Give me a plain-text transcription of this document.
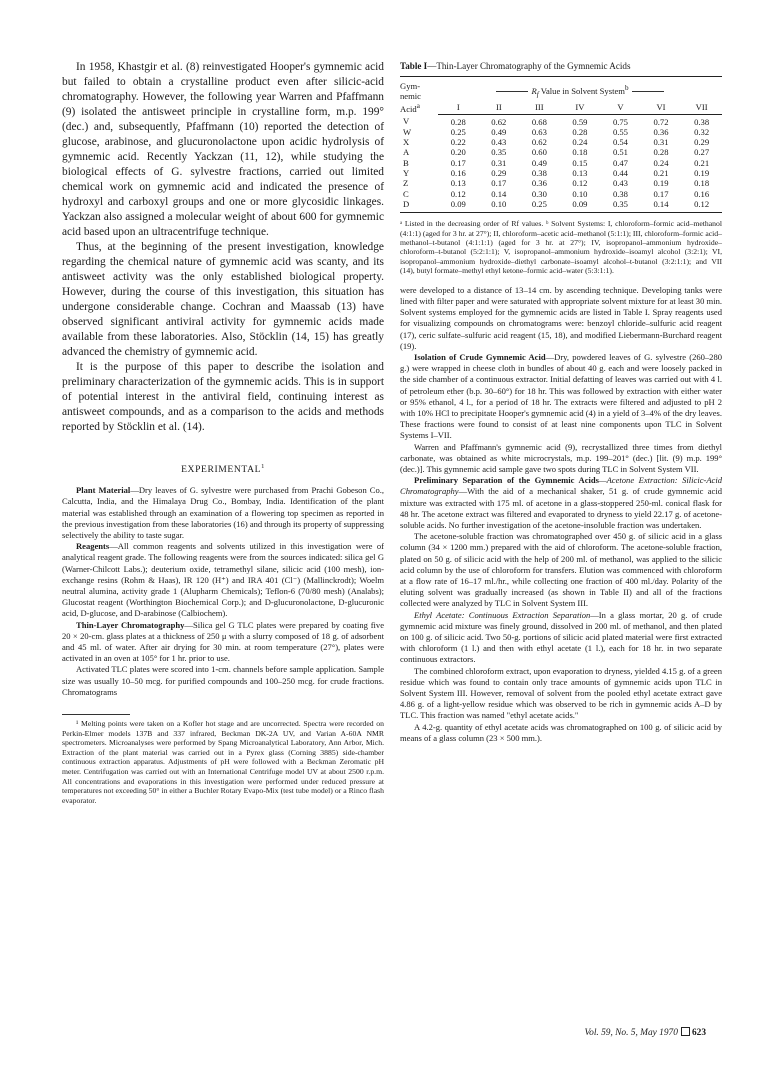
In 1958, Khastgir et al. (8) reinvestigated Hooper's gymnemic acid but failed to obtain a crystalline product even after silicic-acid chromatography. However, the following year Warren and Pfaffmann (9) isolated the antisweet principle in crystalline form, m.p. 199° (dec.) and, subsequently, Pfaffmann (10) reported the detection of glucose, arabinose, and glucuronolactone upon acidic hydrolysis of gymnemic acid. Recently Yackzan (11, 12), while studying the biological effects of G. sylvestre fractions, carried out limited chemical work on gymnemic acid and indicated the presence of hydroxyl and carboxyl groups and one or more glycosidic linkages. Yackzan also assigned a molecular weight of about 600 for gymnemic acid based upon an ultracentrifuge technique.

Thus, at the beginning of the present investigation, knowledge regarding the chemical nature of gymnemic acid was scanty, and its antisweet activity was the only established biological property. However, during the course of this investigation, this situation has undergone considerable change. Cochran and Maassab (13) have observed significant antiviral activity for gymnemic acids made available from these laboratories. Also, Stöcklin (14, 15) has greatly advanced the chemistry of gymnemic acid.

It is the purpose of this paper to describe the isolation and preliminary characterization of the gymnemic acids. This is in support of potential interest in the antiviral field, continuing interest as antisweet compounds, and as a comparison to the acids and methods reported by Stöcklin et al. (14).

EXPERIMENTAL$^1$

Plant Material—Dry leaves of G. sylvestre were purchased from Prachi Gobeson Co., Calcutta, India, and the Himalaya Drug Co., Bombay, India. Identification of the plant material was established through an examination of a flowering top specimen as reported in the previous investigation from these laboratories (16) and through its property of suppressing selectively the ability to taste sugar.

Reagents—All common reagents and solvents utilized in this investigation were of analytical reagent grade. The following reagents were from the sources indicated: silica gel G (Warner-Chilcott Labs.); deuterium oxide, tetramethyl silane, silicic acid (100 mesh), ion-exchange resins (Rohm & Haas), IR 120 (H⁺) and IRA 401 (Cl⁻) (Mallinckrodt); Woelm neutral alumina, activity grade 1 (Alupharm Chemicals); Teflon-6 (70/80 mesh) (Analabs); Glucostat reagent (Worthington Biochemical Corp.); and D-glucuronolactone, D-glucuronic acid, D-glucose, and D-arabinose (Calbiochem).

Thin-Layer Chromatography—Silica gel G TLC plates were prepared by coating five 20 × 20-cm. glass plates at a thickness of 250 μ with a slurry composed of 18 g. of adsorbent and 45 ml. of water. After air drying for 30 min. at room temperature (27°), plates were activated in an oven at 105° for 1 hr. prior to use.

Activated TLC plates were scored into 1-cm. channels before sample application. Sample size was usually 10–50 mcg. for purified compounds and 100–250 mcg. for crude fractions. Chromatograms

¹ Melting points were taken on a Kofler hot stage and are uncorrected. Spectra were recorded on Perkin-Elmer models 137B and 337 infrared, Beckman DK-2A UV, and Varian A-60A NMR spectrometers. Microanalyses were performed by Spang Microanalytical Laboratory, Ann Arbor, Mich. Extraction of the plant material was carried out in a Pyrex glass (Corning 3885) side-chamber continuous extraction apparatus. Adjustments of pH were followed with a Beckman Zeromatic pH meter. Centrifugation was carried out with an International Centrifuge model UV at about 2500 r.p.m. All concentrations and evaporations in this investigation were performed under reduced pressure at temperatures not exceeding 50° in either a Buchler Rotary Evapo-Mix (test tube model) or a Rinco flash evaporator.

Table I—Thin-Layer Chromatography of the Gymnemic Acids

Gym-
nemic
Acid$^a$	$R_f$ Value in Solvent System$^b$
	I	II	III	IV	V	VI	VII
V	0.28	0.62	0.68	0.59	0.75	0.72	0.38
W	0.25	0.49	0.63	0.28	0.55	0.36	0.32
X	0.22	0.43	0.62	0.24	0.54	0.31	0.29
A	0.20	0.35	0.60	0.18	0.51	0.28	0.27
B	0.17	0.31	0.49	0.15	0.47	0.24	0.21
Y	0.16	0.29	0.38	0.13	0.44	0.21	0.19
Z	0.13	0.17	0.36	0.12	0.43	0.19	0.18
C	0.12	0.14	0.30	0.10	0.38	0.17	0.16
D	0.09	0.10	0.25	0.09	0.35	0.14	0.12

ᵃ Listed in the decreasing order of Rf values. ᵇ Solvent Systems: I, chloroform–formic acid–methanol (4:1:1) (aged for 3 hr. at 27°); II, chloroform–acetic acid–methanol (5:1:1); III, chloroform–formic acid–methanol–t-butanol (4:1:1:1) (aged for 3 hr. at 27°); IV, isopropanol–ammonium hydroxide–chloroform–t-butanol (5:2:1:1); V, isopropanol–ammonium hydroxide–isoamyl alcohol (3:2:1); VI, isopropanol–ammonium hydroxide–diethyl carbonate–isoamyl alcohol–t-butanol (3:2:1:1); and VII (14), butyl formate–methyl ethyl ketone–formic acid–water (5:3:1:1).

were developed to a distance of 13–14 cm. by ascending technique. Developing tanks were lined with filter paper and were saturated with appropriate solvent mixture for at least 30 min. Solvent systems employed for the gymnemic acids are listed in Table I. Spray reagents used for visualizing compounds on chromatograms were: benzoyl chloride–sulfuric acid reagent (17), ceric sulfate–sulfuric acid reagent (15, 18), and modified Liebermann-Burchard reagent (19).

Isolation of Crude Gymnemic Acid—Dry, powdered leaves of G. sylvestre (260–280 g.) were wrapped in cheese cloth in bundles of about 40 g. each and were loosely packed in the side chamber of a continuous extractor. Initial defatting of leaves was carried out with 4 l. of petroleum ether (b.p. 30–60°) for 18 hr. This was followed by extraction with either water or 95% ethanol, 4 l., for a period of 18 hr. The extracts were filtered and adjusted to pH 2 with 10% HCl to precipitate Hooper's gymnemic acid (4) in a yield of 3–4% of the dry leaves. These fractions were found to consist of at least nine components upon TLC in Solvent Systems I–VII.

Warren and Pfaffmann's gymnemic acid (9), recrystallized three times from diethyl carbonate, was obtained as white microcrystals, m.p. 199–201° (dec.) [lit. (9) m.p. 199° (dec.)]. This gymnemic acid sample gave two spots during TLC in Solvent System VII.

Preliminary Separation of the Gymnemic Acids—Acetone Extraction: Silicic-Acid Chromatography—With the aid of a mechanical shaker, 51 g. of crude gymnemic acid mixture was extracted with 175 ml. of acetone in a glass-stoppered 250-ml. conical flask for 48 hr. The acetone extract was filtered and evaporated to dryness to yield 22.17 g. of acetone-soluble acids. No further investigation of the acetone-insoluble fraction was undertaken.

The acetone-soluble fraction was chromatographed over 450 g. of silicic acid in a glass column (34 × 1200 mm.) prepared with the aid of chloroform. The acetone-soluble fraction, plated on 50 g. of silicic acid with the help of 200 ml. of methanol, was applied to the silicic acid column by the use of chloroform for transfers. Elution was commenced with chloroform at a flow rate of 16–17 ml./hr., while collecting one fraction of 400 ml./day. Polarity of the eluting solvent was gradually increased (as shown in Table II) and all of the fractions collected were analyzed by TLC in Solvent System III.

Ethyl Acetate: Continuous Extraction Separation—In a glass mortar, 20 g. of crude gymnemic acid mixture was finely ground, dissolved in 200 ml. of methanol, and then plated on 100 g. of silicic acid. Two 50-g. portions of silicic acid plated material were first extracted with chloroform (1 l.) and then with ethyl acetate (1 l.), each for 18 hr. in two separate continuous extractors.

The combined chloroform extract, upon evaporation to dryness, yielded 4.15 g. of a green residue which was found to contain only trace amounts of gymnemic acids upon TLC in Solvent System III. However, removal of solvent from the pooled ethyl acetate extract gave 4.86 g. of a light-yellow residue which was observed to be rich in gymnemic acids A–D by TLC. This fraction was named "ethyl acetate acids."

A 4.2-g. quantity of ethyl acetate acids was chromatographed on 100 g. of silicic acid by means of a glass column (23 × 500 mm.).

Vol. 59, No. 5, May 1970 623
